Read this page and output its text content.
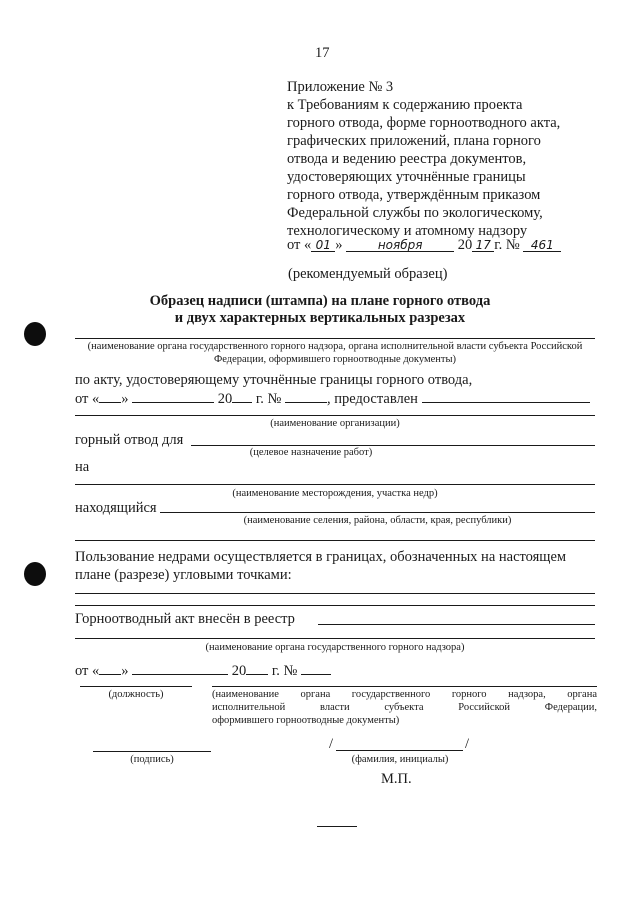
17
Приложение № 3
к Требованиям к содержанию проекта
горного отвода, форме горноотводного акта,
графических приложений, плана горного
отвода и ведению реестра документов,
удостоверяющих уточнённые границы
горного отвода, утверждённым приказом
Федеральной службы по экологическому,
технологическому и атомному надзору
от « 01 »	ноября 20 17 г. № 461
(рекомендуемый образец)
Образец надписи (штампа) на плане горного отвода
и двух характерных вертикальных разрезах
(наименование органа государственного горного надзора, органа исполнительной власти субъекта Российской Федерации, оформившего горноотводные документы)
по акту, удостоверяющему уточнённые границы горного отвода,
от « »	20 г. №	, предоставлен
(наименование организации)
горный отвод для
(целевое назначение работ)
на
(наименование месторождения, участка недр)
находящийся
(наименование селения, района, области, края, республики)
Пользование недрами осуществляется в границах, обозначенных на настоящем
плане (разрезе) угловыми точками:
Горноотводный акт внесён в реестр
(наименование органа государственного горного надзора)
от « »	20 г. №
(должность)	(наименование органа государственного горного надзора, органа
исполнительной власти субъекта Российской Федерации,
оформившего горноотводные документы)
(подпись)
/	/
(фамилия, инициалы)
М.П.
